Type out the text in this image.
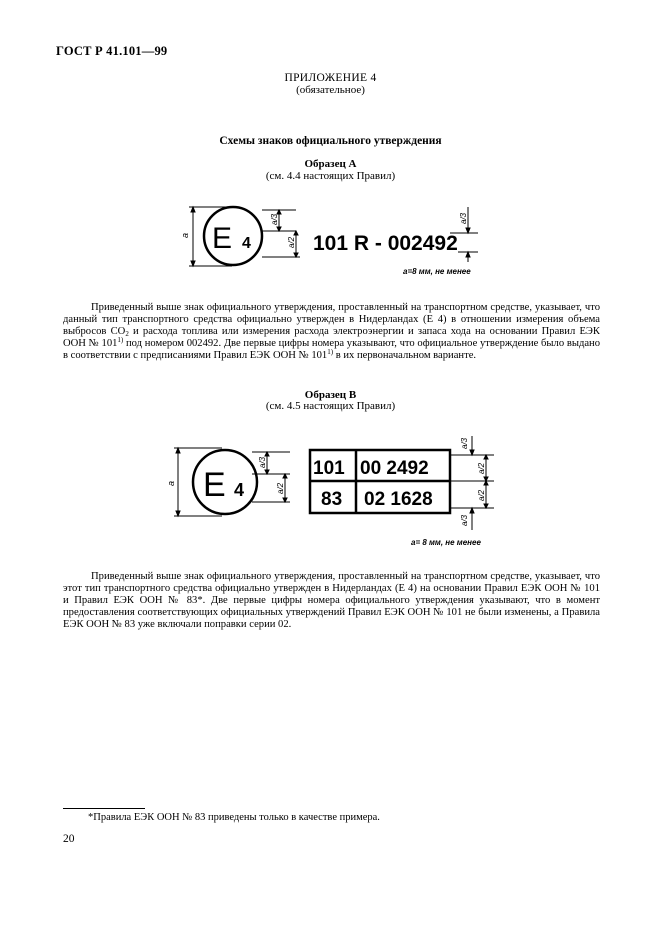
ГОСТ Р 41.101—99
ПРИЛОЖЕНИЕ 4
(обязательное)
Схемы знаков официального утверждения
Образец А
(см. 4.4 настоящих Правил)
a
a/3
a/2
a/3
E 4	101 R - 002492
а=8 мм, не менее

Приведенный выше знак официального утверждения, проставленный на транспортном средстве, указывает, что данный тип транспортного средства официально утвержден в Нидерландах (Е 4) в отношении измерения объема выбросов $СО_2$ и расхода топлива или измерения расхода электроэнергии и запаса хода на основании Правил ЕЭК ООН № 101$^{1)}$ под номером 002492. Две первые цифры номера указывают, что официальное утверждение было выдано в соответствии с предписаниями Правил ЕЭК ООН № 101$^{1)}$ в их первоначальном варианте.

Образец В
(см. 4.5 настоящих Правил)
a
a/3
a/2
a/3
a/2
a/2
a/3
E 4
101 00 2492
83 02 1628
а= 8 мм, не менее

Приведенный выше знак официального утверждения, проставленный на транспортном средстве, указывает, что этот тип транспортного средства официально утвержден в Нидерландах (Е 4) на основании Правил ЕЭК ООН № 101 и Правил ЕЭК ООН № 83*. Две первые цифры номера официального утверждения указывают, что в момент предоставления соответствующих официальных утверждений Правил ЕЭК ООН № 101 не были изменены, а Правила ЕЭК ООН № 83 уже включали поправки серии 02.

*Правила ЕЭК ООН № 83 приведены только в качестве примера.
20
